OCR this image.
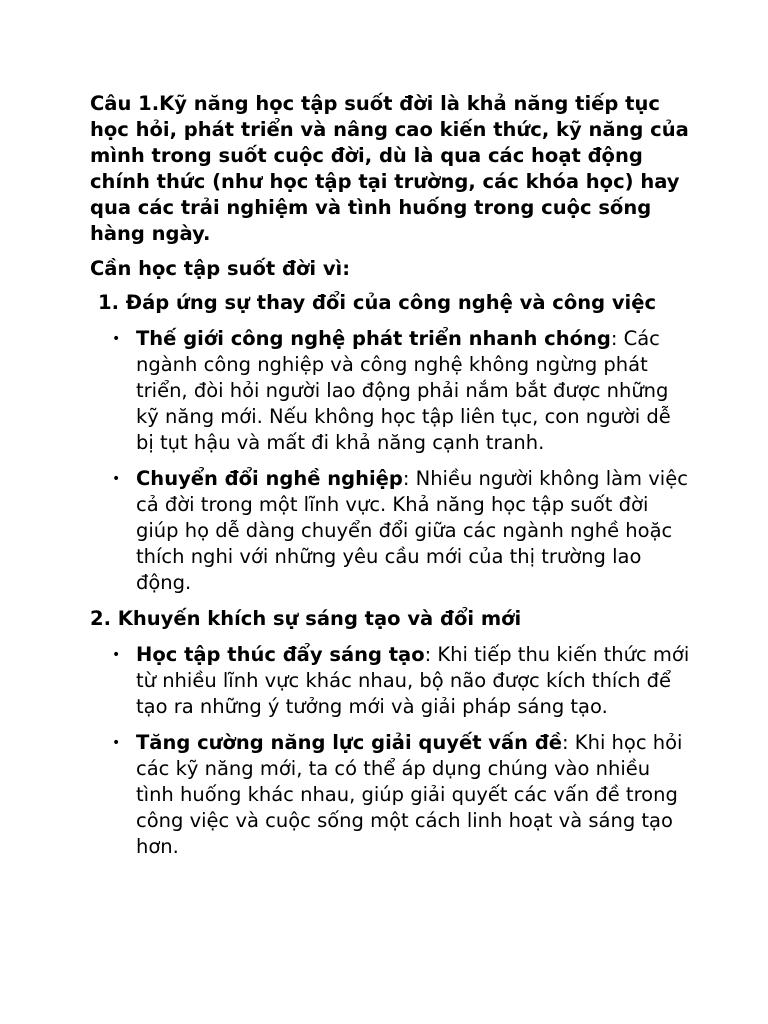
Câu 1.Kỹ năng học tập suốt đời là khả năng tiếp tục học hỏi, phát triển và nâng cao kiến thức, kỹ năng của mình trong suốt cuộc đời, dù là qua các hoạt động chính thức (như học tập tại trường, các khóa học) hay qua các trải nghiệm và tình huống trong cuộc sống hàng ngày.

Cần học tập suốt đời vì:

1. Đáp ứng sự thay đổi của công nghệ và công việc

• Thế giới công nghệ phát triển nhanh chóng: Các ngành công nghiệp và công nghệ không ngừng phát triển, đòi hỏi người lao động phải nắm bắt được những kỹ năng mới. Nếu không học tập liên tục, con người dễ bị tụt hậu và mất đi khả năng cạnh tranh.
• Chuyển đổi nghề nghiệp: Nhiều người không làm việc cả đời trong một lĩnh vực. Khả năng học tập suốt đời giúp họ dễ dàng chuyển đổi giữa các ngành nghề hoặc thích nghi với những yêu cầu mới của thị trường lao động.

2. Khuyến khích sự sáng tạo và đổi mới

• Học tập thúc đẩy sáng tạo: Khi tiếp thu kiến thức mới từ nhiều lĩnh vực khác nhau, bộ não được kích thích để tạo ra những ý tưởng mới và giải pháp sáng tạo.
• Tăng cường năng lực giải quyết vấn đề: Khi học hỏi các kỹ năng mới, ta có thể áp dụng chúng vào nhiều tình huống khác nhau, giúp giải quyết các vấn đề trong công việc và cuộc sống một cách linh hoạt và sáng tạo hơn.
